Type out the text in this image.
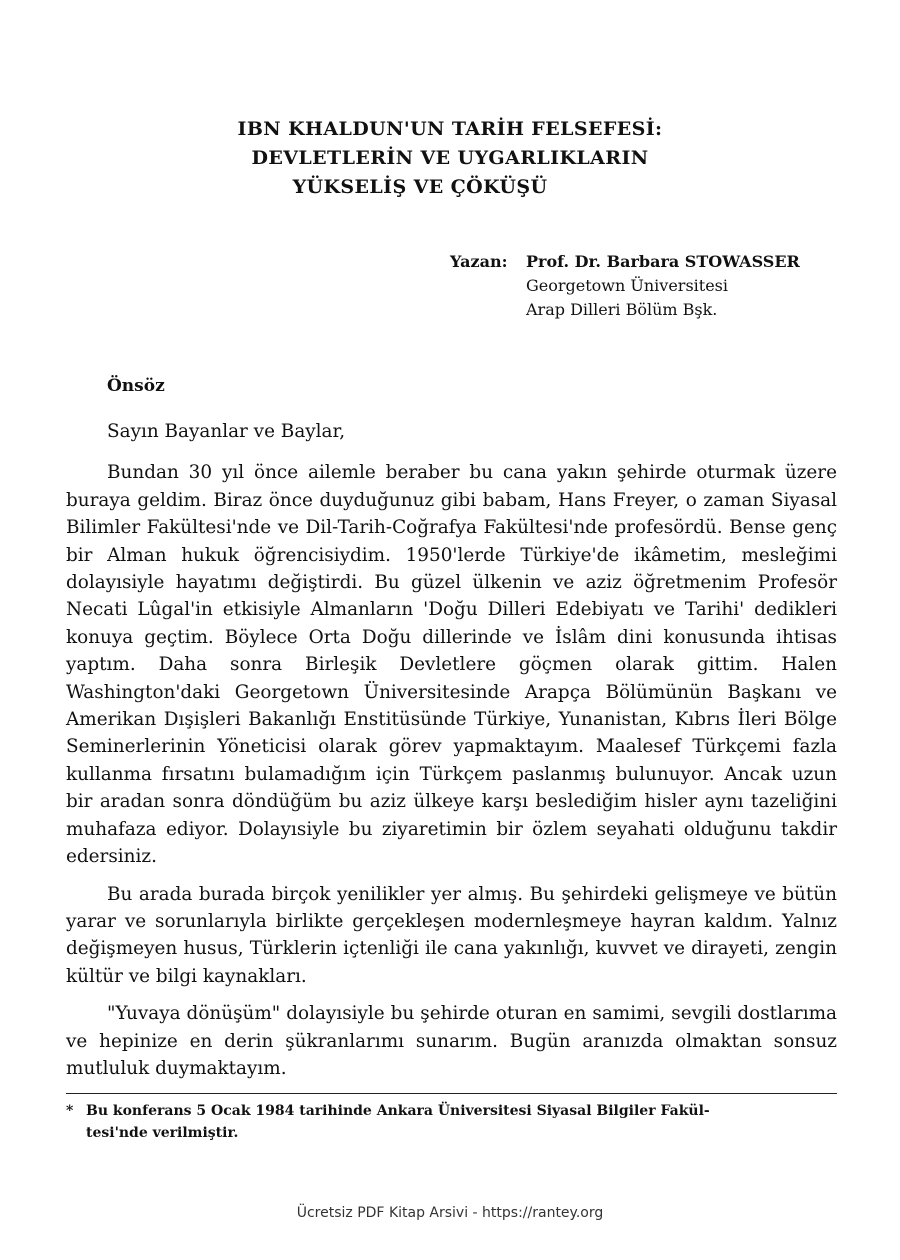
IBN KHALDUN'UN TARİH FELSEFESİ:
DEVLETLERİN VE UYGARLIKLARIN
YÜKSELİŞ VE ÇÖKÜŞÜ
Yazan:	Prof. Dr. Barbara STOWASSER
Georgetown Üniversitesi
Arap Dilleri Bölüm Bşk.
Önsöz

Sayın Bayanlar ve Baylar,

Bundan 30 yıl önce ailemle beraber bu cana yakın şehirde oturmak üzere buraya geldim. Biraz önce duyduğunuz gibi babam, Hans Freyer, o zaman Siyasal Bilimler Fakültesi'nde ve Dil-Tarih-Coğrafya Fakültesi'nde profesördü. Bense genç bir Alman hukuk öğrencisiydim. 1950'lerde Türkiye'de ikâmetim, mesleğimi dolayısiyle hayatımı değiştirdi. Bu güzel ülkenin ve aziz öğretmenim Profesör Necati Lûgal'in etkisiyle Almanların 'Doğu Dilleri Edebiyatı ve Tarihi' dedikleri konuya geçtim. Böylece Orta Doğu dillerinde ve İslâm dini konusunda ihtisas yaptım. Daha sonra Birleşik Devletlere göçmen olarak gittim. Halen Washington'daki Georgetown Üniversitesinde Arapça Bölümünün Başkanı ve Amerikan Dışişleri Bakanlığı Enstitüsünde Türkiye, Yunanistan, Kıbrıs İleri Bölge Seminerlerinin Yöneticisi olarak görev yapmaktayım. Maalesef Türkçemi fazla kullanma fırsatını bulamadığım için Türkçem paslanmış bulunuyor. Ancak uzun bir aradan sonra döndüğüm bu aziz ülkeye karşı beslediğim hisler aynı tazeliğini muhafaza ediyor. Dolayısiyle bu ziyaretimin bir özlem seyahati olduğunu takdir edersiniz.

Bu arada burada birçok yenilikler yer almış. Bu şehirdeki gelişmeye ve bütün yarar ve sorunlarıyla birlikte gerçekleşen modernleşmeye hayran kaldım. Yalnız değişmeyen husus, Türklerin içtenliği ile cana yakınlığı, kuvvet ve dirayeti, zengin kültür ve bilgi kaynakları.

"Yuvaya dönüşüm" dolayısiyle bu şehirde oturan en samimi, sevgili dostlarıma ve hepinize en derin şükranlarımı sunarım. Bugün aranızda olmaktan sonsuz mutluluk duymaktayım.

* Bu konferans 5 Ocak 1984 tarihinde Ankara Üniversitesi Siyasal Bilgiler Fakül-
tesi'nde verilmiştir.
Ücretsiz PDF Kitap Arsivi - https://rantey.org
